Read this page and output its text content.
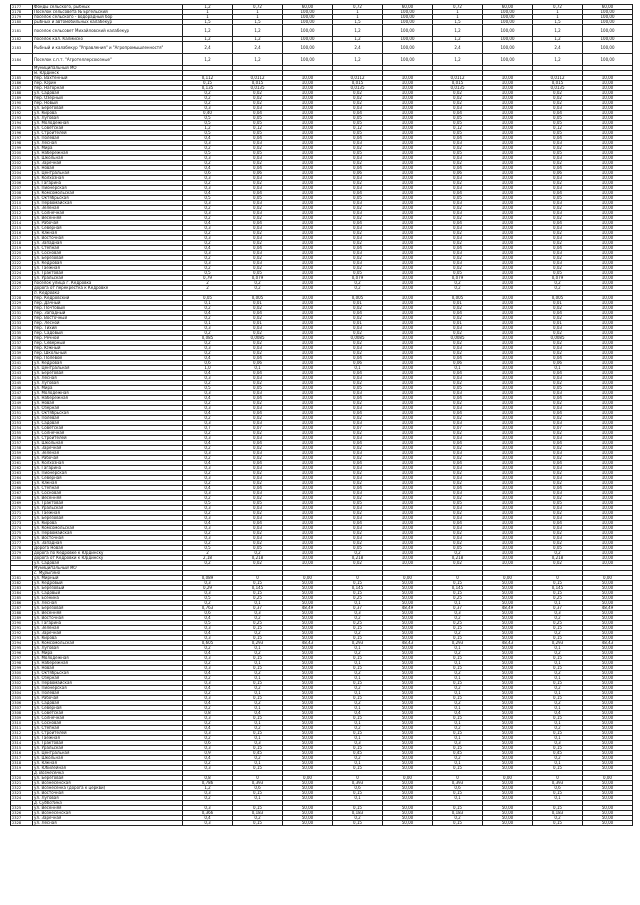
2177	Фонды сельского, рыбных	1,2	0,72	60,00	0,72	60,00	0,72	60,00	0,72	60,00
2178	Поселок сельсовета № Ергельский	1	1	100,00	1	100,00	1	100,00	1	100,00
2179	поселок сельского - водорадный бор	1	1	100,00	1	100,00	1	100,00	1	100,00
2180	рыбных и автомобильных калабекур	1,5	1,5	100,00	1,5	100,00	1,5	100,00	1,5	100,00
2181	поселок сельсовет Михайловский калабекур	1,2	1,2	100,00	1,2	100,00	1,2	100,00	1,2	100,00
2182	поселок кал. Калмиско	1,2	1,2	100,00	1,2	100,00	1,2	100,00	1,2	100,00
2183	Рыбный и калабекур "Управления" и "Агропромышленностя"	2,4	2,4	100,00	2,4	100,00	2,4	100,00	2,4	100,00
2184	Поселок с.п.т. "Агротеллерсоюзные"	1,2	1,2	100,00	1,2	100,00	1,2	100,00	1,2	100,00
	Муниципальный МО									
	м. Юрдинск									
2185	пер. Вахтенный	0,112	0,0112	10,00	0,0112	10,00	0,0112	10,00	0,0112	10,00
2186	пер. Юрин	0,15	0,015	10,00	0,015	10,00	0,015	10,00	0,015	10,00
2187	пер. Нагорная	0,135	0,0135	10,00	0,0135	10,00	0,0135	10,00	0,0135	10,00
2188	ул. Садовая	0,2	0,02	10,00	0,02	10,00	0,02	10,00	0,02	10,00
2189	пер. Озерный	0,2	0,02	10,00	0,02	10,00	0,02	10,00	0,02	10,00
2190	пер. Новый	0,2	0,02	10,00	0,02	10,00	0,02	10,00	0,02	10,00
2191	ул. Береговая	0,3	0,03	10,00	0,03	10,00	0,03	10,00	0,03	10,00
2192	ул. Кирова	0,40	0,04	10,00	0,04	10,00	0,04	10,00	0,04	10,00
2193	ул. Луговая	0,5	0,05	10,00	0,05	10,00	0,05	10,00	0,05	10,00
2194	ул. Молодежная	0,5	0,05	10,00	0,05	10,00	0,05	10,00	0,05	10,00
2195	ул. Советская	1,2	0,12	10,00	0,12	10,00	0,12	10,00	0,12	10,00
2196	ул. Строителей	0,5	0,05	10,00	0,05	10,00	0,05	10,00	0,05	10,00
2197	ул. Полевая	0,4	0,04	10,00	0,04	10,00	0,04	10,00	0,04	10,00
2198	ул. Лесная	0,3	0,03	10,00	0,03	10,00	0,03	10,00	0,03	10,00
2199	ул. Мира	0,2	0,02	10,00	0,02	10,00	0,02	10,00	0,02	10,00
2200	ул. Набережная	0,5	0,05	10,00	0,05	10,00	0,05	10,00	0,05	10,00
2201	ул. Школьная	0,3	0,03	10,00	0,03	10,00	0,03	10,00	0,03	10,00
2202	ул. Заречная	0,2	0,02	10,00	0,02	10,00	0,02	10,00	0,02	10,00
2203	ул. Новая	0,4	0,04	10,00	0,04	10,00	0,04	10,00	0,04	10,00
2204	ул. Центральная	0,6	0,06	10,00	0,06	10,00	0,06	10,00	0,06	10,00
2205	ул. Колхозная	0,3	0,03	10,00	0,03	10,00	0,03	10,00	0,03	10,00
2206	ул. Гагарина	0,2	0,02	10,00	0,02	10,00	0,02	10,00	0,02	10,00
2207	ул. Пионерская	0,3	0,03	10,00	0,03	10,00	0,03	10,00	0,03	10,00
2208	ул. Комсомольская	0,4	0,04	10,00	0,04	10,00	0,04	10,00	0,04	10,00
2209	ул. Октябрьская	0,5	0,05	10,00	0,05	10,00	0,05	10,00	0,05	10,00
2210	ул. Первомайская	0,3	0,03	10,00	0,03	10,00	0,03	10,00	0,03	10,00
2211	ул. Зеленая	0,2	0,02	10,00	0,02	10,00	0,02	10,00	0,02	10,00
2212	ул. Солнечная	0,3	0,03	10,00	0,03	10,00	0,03	10,00	0,03	10,00
2213	ул. Весенняя	0,2	0,02	10,00	0,02	10,00	0,02	10,00	0,02	10,00
2214	ул. Рабочая	0,4	0,04	10,00	0,04	10,00	0,04	10,00	0,04	10,00
2215	ул. Северная	0,3	0,03	10,00	0,03	10,00	0,03	10,00	0,03	10,00
2216	ул. Южная	0,2	0,02	10,00	0,02	10,00	0,02	10,00	0,02	10,00
2217	ул. Восточная	0,3	0,03	10,00	0,03	10,00	0,03	10,00	0,03	10,00
2218	ул. Западная	0,2	0,02	10,00	0,02	10,00	0,02	10,00	0,02	10,00
2219	ул. Степная	0,4	0,04	10,00	0,04	10,00	0,04	10,00	0,04	10,00
2220	ул. Сосновая	0,3	0,03	10,00	0,03	10,00	0,03	10,00	0,03	10,00
2221	ул. Березовая	0,2	0,02	10,00	0,02	10,00	0,02	10,00	0,02	10,00
2222	ул. Кедровая	0,3	0,03	10,00	0,03	10,00	0,03	10,00	0,03	10,00
2223	ул. Таежная	0,2	0,02	10,00	0,02	10,00	0,02	10,00	0,02	10,00
2224	ул. Трактовая	0,5	0,05	10,00	0,05	10,00	0,05	10,00	0,05	10,00
2225	ул. Уральская	0,79	0,079	10,00	0,079	10,00	0,079	10,00	0,079	10,00
2226	поселок улица г. Кедровка	2	0,2	10,00	0,2	10,00	0,2	10,00	0,2	10,00
2227	дорога от перекрестка к Кедровке	2	0,2	10,00	0,2	10,00	0,2	10,00	0,2	10,00
	п. Кедровка									
2228	пер. Кедровский	0,05	0,005	10,00	0,005	10,00	0,005	10,00	0,005	10,00
2229	пер. Дачный	0,1	0,01	10,00	0,01	10,00	0,01	10,00	0,01	10,00
2230	пер. Почтовый	0,2	0,02	10,00	0,02	10,00	0,02	10,00	0,02	10,00
2231	пер. Западный	0,4	0,04	10,00	0,04	10,00	0,04	10,00	0,04	10,00
2232	пер. Восточный	0,2	0,02	10,00	0,02	10,00	0,02	10,00	0,02	10,00
2233	пер. Лесной	0,1	0,01	10,00	0,01	10,00	0,01	10,00	0,01	10,00
2234	пер. Тихий	0,3	0,03	10,00	0,03	10,00	0,03	10,00	0,03	10,00
2235	пер. Садовый	0,2	0,02	10,00	0,02	10,00	0,02	10,00	0,02	10,00
2236	пер. Речной	0,085	0,0085	10,00	0,0085	10,00	0,0085	10,00	0,0085	10,00
2237	пер. Северный	0,2	0,02	10,00	0,02	10,00	0,02	10,00	0,02	10,00
2238	пер. Южный	0,3	0,03	10,00	0,03	10,00	0,03	10,00	0,03	10,00
2239	пер. Школьный	0,2	0,02	10,00	0,02	10,00	0,02	10,00	0,02	10,00
2240	пер. Полевой	0,4	0,04	10,00	0,04	10,00	0,04	10,00	0,04	10,00
2241	ул. Кедровая	0,6	0,06	10,00	0,06	10,00	0,06	10,00	0,06	10,00
2242	ул. Центральная	1,0	0,1	10,00	0,1	10,00	0,1	10,00	0,1	10,00
2243	ул. Береговая	0,4	0,04	10,00	0,04	10,00	0,04	10,00	0,04	10,00
2244	ул. Лесная	0,3	0,03	10,00	0,03	10,00	0,03	10,00	0,03	10,00
2245	ул. Луговая	0,2	0,02	10,00	0,02	10,00	0,02	10,00	0,02	10,00
2246	ул. Мира	0,5	0,05	10,00	0,05	10,00	0,05	10,00	0,05	10,00
2247	ул. Молодежная	0,3	0,03	10,00	0,03	10,00	0,03	10,00	0,03	10,00
2248	ул. Набережная	0,4	0,04	10,00	0,04	10,00	0,04	10,00	0,04	10,00
2249	ул. Новая	0,2	0,02	10,00	0,02	10,00	0,02	10,00	0,02	10,00
2250	ул. Озерная	0,3	0,03	10,00	0,03	10,00	0,03	10,00	0,03	10,00
2251	ул. Октябрьская	0,4	0,04	10,00	0,04	10,00	0,04	10,00	0,04	10,00
2252	ул. Полевая	0,2	0,02	10,00	0,02	10,00	0,02	10,00	0,02	10,00
2253	ул. Садовая	0,3	0,03	10,00	0,03	10,00	0,03	10,00	0,03	10,00
2254	ул. Советская	0,7	0,07	10,00	0,07	10,00	0,07	10,00	0,07	10,00
2255	ул. Солнечная	0,2	0,02	10,00	0,02	10,00	0,02	10,00	0,02	10,00
2256	ул. Строителей	0,3	0,03	10,00	0,03	10,00	0,03	10,00	0,03	10,00
2257	ул. Школьная	0,4	0,04	10,00	0,04	10,00	0,04	10,00	0,04	10,00
2258	ул. Заречная	0,2	0,02	10,00	0,02	10,00	0,02	10,00	0,02	10,00
2259	ул. Зеленая	0,3	0,03	10,00	0,03	10,00	0,03	10,00	0,03	10,00
2260	ул. Рабочая	0,2	0,02	10,00	0,02	10,00	0,02	10,00	0,02	10,00
2261	ул. Колхозная	0,4	0,04	10,00	0,04	10,00	0,04	10,00	0,04	10,00
2262	ул. Гагарина	0,3	0,03	10,00	0,03	10,00	0,03	10,00	0,03	10,00
2263	ул. Пионерская	0,2	0,02	10,00	0,02	10,00	0,02	10,00	0,02	10,00
2264	ул. Северная	0,3	0,03	10,00	0,03	10,00	0,03	10,00	0,03	10,00
2265	ул. Южная	0,2	0,02	10,00	0,02	10,00	0,02	10,00	0,02	10,00
2266	ул. Степная	0,4	0,04	10,00	0,04	10,00	0,04	10,00	0,04	10,00
2267	ул. Сосновая	0,3	0,03	10,00	0,03	10,00	0,03	10,00	0,03	10,00
2268	ул. Весенняя	0,2	0,02	10,00	0,02	10,00	0,02	10,00	0,02	10,00
2269	ул. Трактовая	0,5	0,05	10,00	0,05	10,00	0,05	10,00	0,05	10,00
2270	ул. Уральская	0,3	0,03	10,00	0,03	10,00	0,03	10,00	0,03	10,00
2271	ул. Таежная	0,2	0,02	10,00	0,02	10,00	0,02	10,00	0,02	10,00
2272	ул. Березовая	0,3	0,03	10,00	0,03	10,00	0,03	10,00	0,03	10,00
2273	ул. Кирова	0,4	0,04	10,00	0,04	10,00	0,04	10,00	0,04	10,00
2274	ул. Комсомольская	0,3	0,03	10,00	0,03	10,00	0,03	10,00	0,03	10,00
2275	ул. Первомайская	0,2	0,02	10,00	0,02	10,00	0,02	10,00	0,02	10,00
2276	ул. Восточная	0,3	0,03	10,00	0,03	10,00	0,03	10,00	0,03	10,00
2277	ул. Западная	0,2	0,02	10,00	0,02	10,00	0,02	10,00	0,02	10,00
2278	Дорога Новая	0,5	0,05	10,00	0,05	10,00	0,05	10,00	0,05	10,00
2279	дорога по Кедровке к Юрдинску	2	0,2	10,00	0,2	10,00	0,2	10,00	0,2	10,00
2280	дорога от Кедровки к Юрдинску	2,18	0,218	10,00	0,218	10,00	0,218	10,00	0,218	10,00
	ул. Садовая	0,2	0,02	10,00	0,02	10,00	0,02	10,00	0,02	10,00
	Муниципальный МО									
	с. Мурыгино									
2281	ул. Мирный	0,089	0	0,00	0	0,00	0	0,00	0	0,00
2282	ул. Кедровый	0,3	0,15	50,00	0,15	50,00	0,15	50,00	0,15	50,00
2283	ул. Березовый	0,29	0,145	50,00	0,145	50,00	0,145	50,00	0,145	50,00
2284	ул. Садовый	0,3	0,15	50,00	0,15	50,00	0,15	50,00	0,15	50,00
2285	ул. Есенина	0,5	0,25	50,00	0,25	50,00	0,25	50,00	0,25	50,00
2286	ул. Лесная	0,2	0,1	50,00	0,1	50,00	0,1	50,00	0,1	50,00
2287	ул. Березовая	0,763	0,37	48,49	0,37	48,49	0,37	48,49	0,37	48,49
2288	ул. Весенняя	0,6	0,3	50,00	0,3	50,00	0,3	50,00	0,3	50,00
2289	ул. Восточная	0,4	0,2	50,00	0,2	50,00	0,2	50,00	0,2	50,00
2290	ул. Гагарина	0,5	0,25	50,00	0,25	50,00	0,25	50,00	0,25	50,00
2291	ул. Зеленая	0,3	0,15	50,00	0,15	50,00	0,15	50,00	0,15	50,00
2292	ул. Заречная	0,4	0,2	50,00	0,2	50,00	0,2	50,00	0,2	50,00
2293	ул. Кирова	0,3	0,15	50,00	0,15	50,00	0,15	50,00	0,15	50,00
2294	ул. Комсомольская	0,605	0,293	48,43	0,293	48,43	0,293	48,43	0,293	48,43
2295	ул. Луговая	0,2	0,1	50,00	0,1	50,00	0,1	50,00	0,1	50,00
2296	ул. Мира	0,4	0,2	50,00	0,2	50,00	0,2	50,00	0,2	50,00
2297	ул. Молодежная	0,3	0,15	50,00	0,15	50,00	0,15	50,00	0,15	50,00
2298	ул. Набережная	0,2	0,1	50,00	0,1	50,00	0,1	50,00	0,1	50,00
2299	ул. Новая	0,3	0,15	50,00	0,15	50,00	0,15	50,00	0,15	50,00
2300	ул. Октябрьская	0,4	0,2	50,00	0,2	50,00	0,2	50,00	0,2	50,00
2301	ул. Озерная	0,2	0,1	50,00	0,1	50,00	0,1	50,00	0,1	50,00
2302	ул. Первомайская	0,3	0,15	50,00	0,15	50,00	0,15	50,00	0,15	50,00
2303	ул. Пионерская	0,4	0,2	50,00	0,2	50,00	0,2	50,00	0,2	50,00
2304	ул. Полевая	0,2	0,1	50,00	0,1	50,00	0,1	50,00	0,1	50,00
2305	ул. Рабочая	0,3	0,15	50,00	0,15	50,00	0,15	50,00	0,15	50,00
2306	ул. Садовая	0,4	0,2	50,00	0,2	50,00	0,2	50,00	0,2	50,00
2307	ул. Северная	0,2	0,1	50,00	0,1	50,00	0,1	50,00	0,1	50,00
2308	ул. Советская	0,8	0,4	50,00	0,4	50,00	0,4	50,00	0,4	50,00
2309	ул. Солнечная	0,3	0,15	50,00	0,15	50,00	0,15	50,00	0,15	50,00
2310	ул. Сосновая	0,2	0,1	50,00	0,1	50,00	0,1	50,00	0,1	50,00
2311	ул. Степная	0,4	0,2	50,00	0,2	50,00	0,2	50,00	0,2	50,00
2312	ул. Строителей	0,3	0,15	50,00	0,15	50,00	0,15	50,00	0,15	50,00
2313	ул. Таежная	0,2	0,1	50,00	0,1	50,00	0,1	50,00	0,1	50,00
2314	ул. Трактовая	0,6	0,3	50,00	0,3	50,00	0,3	50,00	0,3	50,00
2315	ул. Уральская	0,3	0,15	50,00	0,15	50,00	0,15	50,00	0,15	50,00
2316	ул. Центральная	0,9	0,45	50,00	0,45	50,00	0,45	50,00	0,45	50,00
2317	ул. Школьная	0,4	0,2	50,00	0,2	50,00	0,2	50,00	0,2	50,00
2318	ул. Южная	0,2	0,1	50,00	0,1	50,00	0,1	50,00	0,1	50,00
2319	ул. Юбилейная	0,3	0,15	50,00	0,15	50,00	0,15	50,00	0,15	50,00
	д. Вознесенка									
2320	ул. Береговая	0,8	0	0,00	0	0,00	0	0,00	0	0,00
2321	ул. Вознесенская	0,786	0,393	50,00	0,393	50,00	0,393	50,00	0,393	50,00
2322	ул. Вознесенка (дорога к церкви)	1,2	0,6	50,00	0,6	50,00	0,6	50,00	0,6	50,00
2323	ул. Восточная	0,3	0,15	50,00	0,15	50,00	0,15	50,00	0,15	50,00
2324	ул. Луговая	0,2	0,1	50,00	0,1	50,00	0,1	50,00	0,1	50,00
	д. Субботина									
2325	ул. Весенняя	0,3	0,15	50,00	0,15	50,00	0,15	50,00	0,15	50,00
2326	ул. Вознесенская	0,366	0,183	50,00	0,183	50,00	0,183	50,00	0,183	50,00
2327	ул. Заречная	0,4	0,2	50,00	0,2	50,00	0,2	50,00	0,2	50,00
2328	ул. Лесная	0,3	0,15	50,00	0,15	50,00	0,15	50,00	0,15	50,00
